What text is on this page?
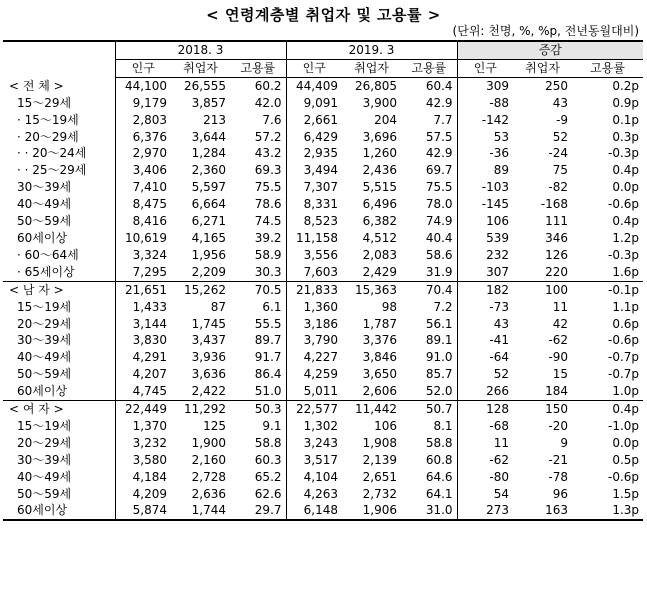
< 연령계층별 취업자 및 고용률 >
(단위: 천명, %, %p, 전년동월대비)
	2018. 3			2019. 3			증감		
	인구	취업자	고용률	인구	취업자	고용률	인구	취업자	고용률
< 전 체 >	44,100	26,555	60.2	44,409	26,805	60.4	309	250	0.2p
15～29세	9,179	3,857	42.0	9,091	3,900	42.9	-88	43	0.9p
· 15～19세	2,803	213	7.6	2,661	204	7.7	-142	-9	0.1p
· 20～29세	6,376	3,644	57.2	6,429	3,696	57.5	53	52	0.3p
· · 20～24세	2,970	1,284	43.2	2,935	1,260	42.9	-36	-24	-0.3p
· · 25～29세	3,406	2,360	69.3	3,494	2,436	69.7	89	75	0.4p
30～39세	7,410	5,597	75.5	7,307	5,515	75.5	-103	-82	0.0p
40～49세	8,475	6,664	78.6	8,331	6,496	78.0	-145	-168	-0.6p
50～59세	8,416	6,271	74.5	8,523	6,382	74.9	106	111	0.4p
60세이상	10,619	4,165	39.2	11,158	4,512	40.4	539	346	1.2p
· 60～64세	3,324	1,956	58.9	3,556	2,083	58.6	232	126	-0.3p
· 65세이상	7,295	2,209	30.3	7,603	2,429	31.9	307	220	1.6p
< 남 자 >	21,651	15,262	70.5	21,833	15,363	70.4	182	100	-0.1p
15～19세	1,433	87	6.1	1,360	98	7.2	-73	11	1.1p
20～29세	3,144	1,745	55.5	3,186	1,787	56.1	43	42	0.6p
30～39세	3,830	3,437	89.7	3,790	3,376	89.1	-41	-62	-0.6p
40～49세	4,291	3,936	91.7	4,227	3,846	91.0	-64	-90	-0.7p
50～59세	4,207	3,636	86.4	4,259	3,650	85.7	52	15	-0.7p
60세이상	4,745	2,422	51.0	5,011	2,606	52.0	266	184	1.0p
< 여 자 >	22,449	11,292	50.3	22,577	11,442	50.7	128	150	0.4p
15～19세	1,370	125	9.1	1,302	106	8.1	-68	-20	-1.0p
20～29세	3,232	1,900	58.8	3,243	1,908	58.8	11	9	0.0p
30～39세	3,580	2,160	60.3	3,517	2,139	60.8	-62	-21	0.5p
40～49세	4,184	2,728	65.2	4,104	2,651	64.6	-80	-78	-0.6p
50～59세	4,209	2,636	62.6	4,263	2,732	64.1	54	96	1.5p
60세이상	5,874	1,744	29.7	6,148	1,906	31.0	273	163	1.3p
